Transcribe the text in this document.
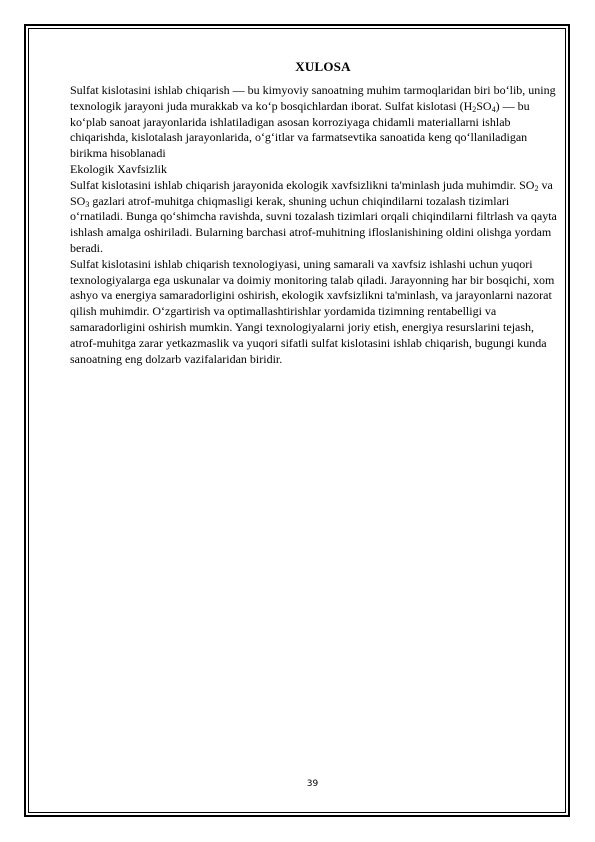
XULOSA

Sulfat kislotasini ishlab chiqarish — bu kimyoviy sanoatning muhim tarmoqlaridan biri bo‘lib, uning texnologik jarayoni juda murakkab va ko‘p bosqichlardan iborat. Sulfat kislotasi $(H_2SO_4)$ — bu ko‘plab sanoat jarayonlarida ishlatiladigan asosan korroziyaga chidamli materiallarni ishlab chiqarishda, kislotalash jarayonlarida, o‘g‘itlar va farmatsevtika sanoatida keng qo‘llaniladigan birikma hisoblanadi

Ekologik Xavfsizlik

Sulfat kislotasini ishlab chiqarish jarayonida ekologik xavfsizlikni ta'minlash juda muhimdir. $SO_2$ va $SO_3$ gazlari atrof-muhitga chiqmasligi kerak, shuning uchun chiqindilarni tozalash tizimlari o‘rnatiladi. Bunga qo‘shimcha ravishda, suvni tozalash tizimlari orqali chiqindilarni filtrlash va qayta ishlash amalga oshiriladi. Bularning barchasi atrof-muhitning ifloslanishining oldini olishga yordam beradi.

Sulfat kislotasini ishlab chiqarish texnologiyasi, uning samarali va xavfsiz ishlashi uchun yuqori texnologiyalarga ega uskunalar va doimiy monitoring talab qiladi. Jarayonning har bir bosqichi, xom ashyo va energiya samaradorligini oshirish, ekologik xavfsizlikni ta'minlash, va jarayonlarni nazorat qilish muhimdir. O‘zgartirish va optimallashtirishlar yordamida tizimning rentabelligi va samaradorligini oshirish mumkin. Yangi texnologiyalarni joriy etish, energiya resurslarini tejash, atrof-muhitga zarar yetkazmaslik va yuqori sifatli sulfat kislotasini ishlab chiqarish, bugungi kunda sanoatning eng dolzarb vazifalaridan biridir.

39
